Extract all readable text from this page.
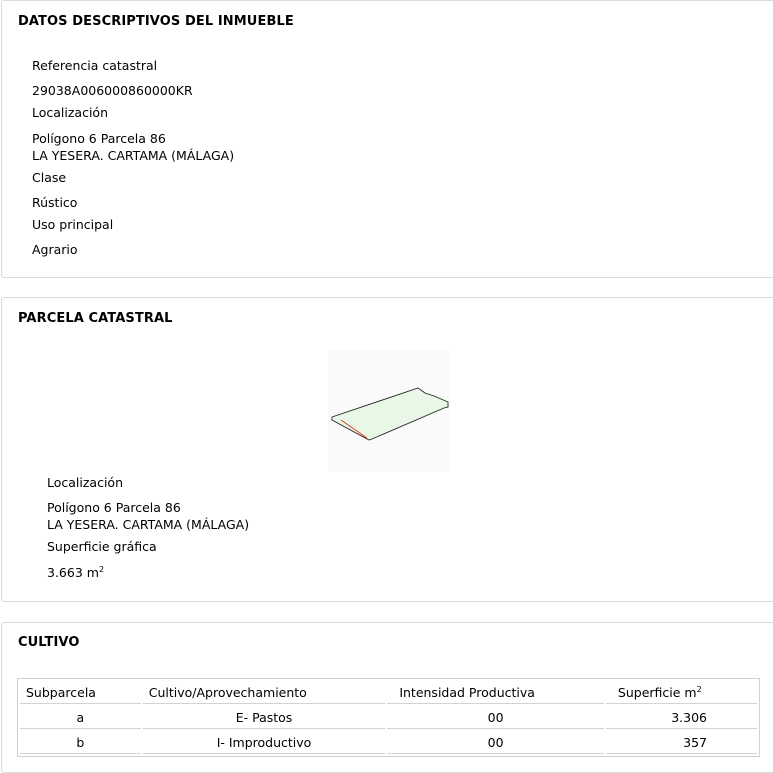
DATOS DESCRIPTIVOS DEL INMUEBLE
Referencia catastral
29038A006000860000KR
Localización
Polígono 6 Parcela 86
LA YESERA. CARTAMA (MÁLAGA)
Clase
Rústico
Uso principal
Agrario
PARCELA CATASTRAL
Localización
Polígono 6 Parcela 86
LA YESERA. CARTAMA (MÁLAGA)
Superficie gráfica
3.663 $m^2$
CULTIVO
Subparcela	Cultivo/Aprovechamiento	Intensidad Productiva	Superficie $m^2$
a	E- Pastos	00	3.306
b	I- Improductivo	00	357
